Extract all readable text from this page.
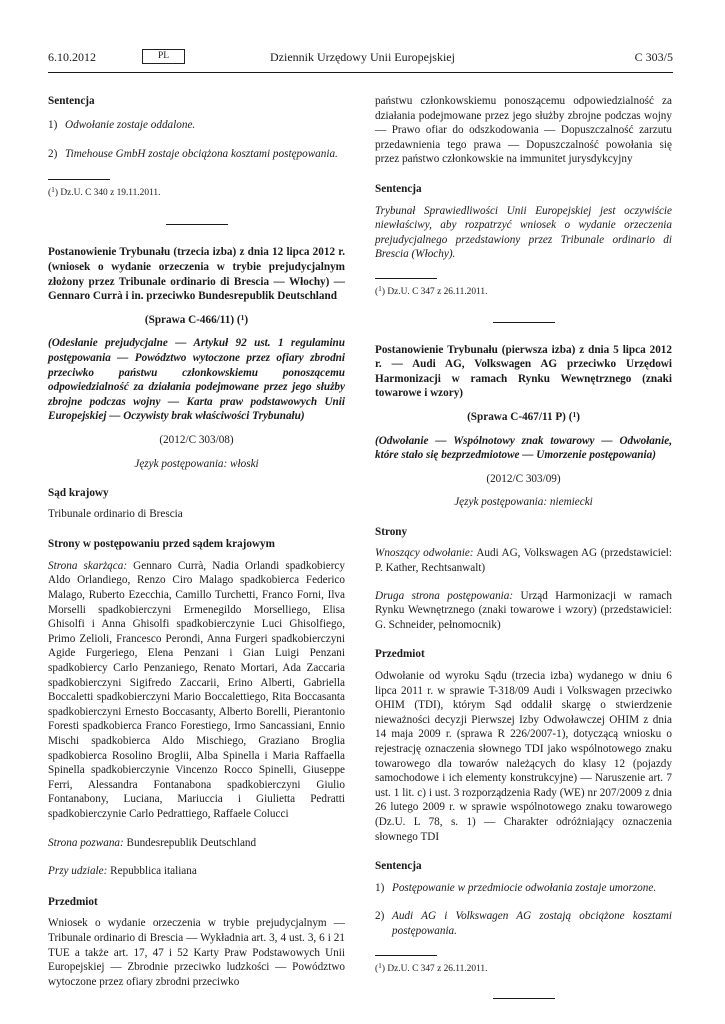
6.10.2012	PL	Dziennik Urzędowy Unii Europejskiej	C 303/5
Sentencja
1) Odwołanie zostaje oddalone.
2) Timehouse GmbH zostaje obciążona kosztami postępowania.
($^1$) Dz.U. C 340 z 19.11.2011.
Postanowienie Trybunału (trzecia izba) z dnia 12 lipca 2012 r. (wniosek o wydanie orzeczenia w trybie prejudycjalnym złożony przez Tribunale ordinario di Brescia — Włochy) — Gennaro Currà i in. przeciwko Bundesrepublik Deutschland
(Sprawa C-466/11) ($^1$)
(Odesłanie prejudycjalne — Artykuł 92 ust. 1 regulaminu postępowania — Powództwo wytoczone przez ofiary zbrodni przeciwko państwu członkowskiemu ponoszącemu odpowiedzialność za działania podejmowane przez jego służby zbrojne podczas wojny — Karta praw podstawowych Unii Europejskiej — Oczywisty brak właściwości Trybunału)
(2012/C 303/08)
Język postępowania: włoski
Sąd krajowy
Tribunale ordinario di Brescia
Strony w postępowaniu przed sądem krajowym
Strona skarżąca: Gennaro Currà, Nadia Orlandi spadkobiercy Aldo Orlandiego, Renzo Ciro Malago spadkobierca Federico Malago, Ruberto Ezecchia, Camillo Turchetti, Franco Forni, Ilva Morselli spadkobierczyni Ermenegildo Morselliego, Elisa Ghisolfi i Anna Ghisolfi spadkobierczynie Luci Ghisolfiego, Primo Zelioli, Francesco Perondi, Anna Furgeri spadkobierczyni Agide Furgeriego, Elena Penzani i Gian Luigi Penzani spadkobiercy Carlo Penzaniego, Renato Mortari, Ada Zaccaria spadkobierczyni Sigifredo Zaccarii, Erino Alberti, Gabriella Boccaletti spadkobierczyni Mario Boccalettiego, Rita Boccasanta spadkobierczyni Ernesto Boccasanty, Alberto Borelli, Pierantonio Foresti spadkobierca Franco Forestiego, Irmo Sancassiani, Ennio Mischi spadkobierca Aldo Mischiego, Graziano Broglia spadkobierca Rosolino Broglii, Alba Spinella i Maria Raffaella Spinella spadkobierczynie Vincenzo Rocco Spinelli, Giuseppe Ferri, Alessandra Fontanabona spadkobierczyni Giulio Fontanabony, Luciana, Mariuccia i Giulietta Pedratti spadkobierczynie Carlo Pedrattiego, Raffaele Colucci
Strona pozwana: Bundesrepublik Deutschland
Przy udziale: Repubblica italiana
Przedmiot
Wniosek o wydanie orzeczenia w trybie prejudycjalnym — Tribunale ordinario di Brescia — Wykładnia art. 3, 4 ust. 3, 6 i 21 TUE a także art. 17, 47 i 52 Karty Praw Podstawowych Unii Europejskiej — Zbrodnie przeciwko ludzkości — Powództwo wytoczone przez ofiary zbrodni przeciwko
państwu członkowskiemu ponoszącemu odpowiedzialność za działania podejmowane przez jego służby zbrojne podczas wojny — Prawo ofiar do odszkodowania — Dopuszczalność zarzutu przedawnienia tego prawa — Dopuszczalność powołania się przez państwo członkowskie na immunitet jurysdykcyjny
Sentencja
Trybunał Sprawiedliwości Unii Europejskiej jest oczywiście niewłaściwy, aby rozpatrzyć wniosek o wydanie orzeczenia prejudycjalnego przedstawiony przez Tribunale ordinario di Brescia (Włochy).
($^1$) Dz.U. C 347 z 26.11.2011.
Postanowienie Trybunału (pierwsza izba) z dnia 5 lipca 2012 r. — Audi AG, Volkswagen AG przeciwko Urzędowi Harmonizacji w ramach Rynku Wewnętrznego (znaki towarowe i wzory)
(Sprawa C-467/11 P) ($^1$)
(Odwołanie — Wspólnotowy znak towarowy — Odwołanie, które stało się bezprzedmiotowe — Umorzenie postępowania)
(2012/C 303/09)
Język postępowania: niemiecki
Strony
Wnoszący odwołanie: Audi AG, Volkswagen AG (przedstawiciel: P. Kather, Rechtsanwalt)
Druga strona postępowania: Urząd Harmonizacji w ramach Rynku Wewnętrznego (znaki towarowe i wzory) (przedstawiciel: G. Schneider, pełnomocnik)
Przedmiot
Odwołanie od wyroku Sądu (trzecia izba) wydanego w dniu 6 lipca 2011 r. w sprawie T-318/09 Audi i Volkswagen przeciwko OHIM (TDI), którym Sąd oddalił skargę o stwierdzenie nieważności decyzji Pierwszej Izby Odwoławczej OHIM z dnia 14 maja 2009 r. (sprawa R 226/2007-1), dotyczącą wniosku o rejestrację oznaczenia słownego TDI jako wspólnotowego znaku towarowego dla towarów należących do klasy 12 (pojazdy samochodowe i ich elementy konstrukcyjne) — Naruszenie art. 7 ust. 1 lit. c) i ust. 3 rozporządzenia Rady (WE) nr 207/2009 z dnia 26 lutego 2009 r. w sprawie wspólnotowego znaku towarowego (Dz.U. L 78, s. 1) — Charakter odróżniający oznaczenia słownego TDI
Sentencja
1) Postępowanie w przedmiocie odwołania zostaje umorzone.
2) Audi AG i Volkswagen AG zostają obciążone kosztami postępowania.
($^1$) Dz.U. C 347 z 26.11.2011.
